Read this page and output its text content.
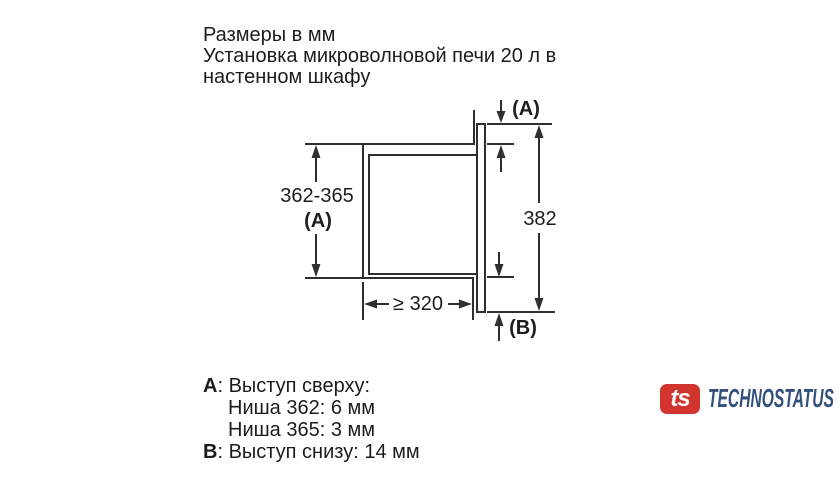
Размеры в мм
Установка микроволновой печи 20 л в
настенном шкафу
362-365
(A)	382
(A)
(B)
≥ 320
A: Выступ сверху:
Ниша 362: 6 мм
Ниша 365: 3 мм
B: Выступ снизу: 14 мм
ts TECHNOSTATUS
